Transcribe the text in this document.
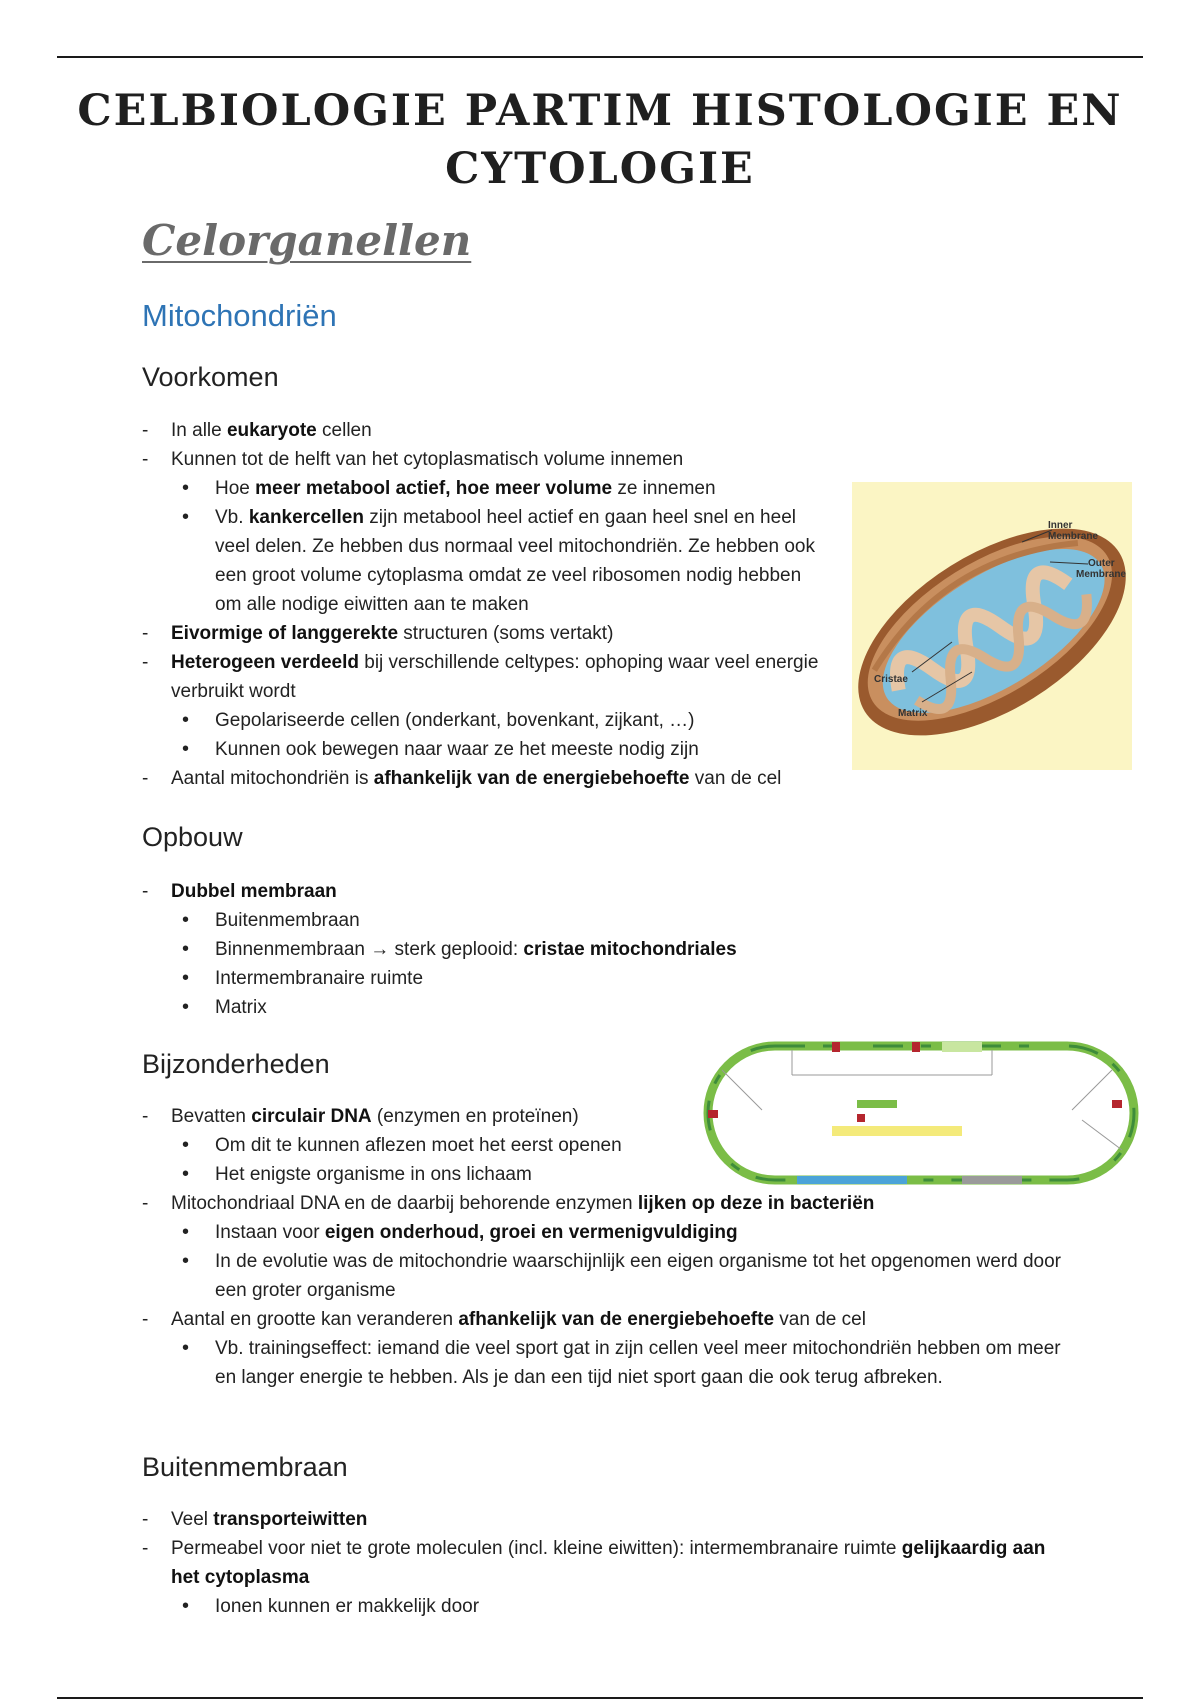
CELBIOLOGIE PARTIM HISTOLOGIE EN CYTOLOGIE
Celorganellen
Mitochondriën
Voorkomen
- In alle eukaryote cellen
- Kunnen tot de helft van het cytoplasmatisch volume innemen
• Hoe meer metabool actief, hoe meer volume ze innemen
• Vb. kankercellen zijn metabool heel actief en gaan heel snel en heel veel delen. Ze hebben dus normaal veel mitochondriën. Ze hebben ook een groot volume cytoplasma omdat ze veel ribosomen nodig hebben om alle nodige eiwitten aan te maken
- Eivormige of langgerekte structuren (soms vertakt)
- Heterogeen verdeeld bij verschillende celtypes: ophoping waar veel energie verbruikt wordt
• Gepolariseerde cellen (onderkant, bovenkant, zijkant, …)
• Kunnen ook bewegen naar waar ze het meeste nodig zijn
- Aantal mitochondriën is afhankelijk van de energiebehoefte van de cel
Inner
Membrane
Outer
Membrane
Cristae
Matrix
Opbouw
- Dubbel membraan
• Buitenmembraan
• Binnenmembraan → sterk geplooid: cristae mitochondriales
• Intermembranaire ruimte
• Matrix
Bijzonderheden
- Bevatten circulair DNA (enzymen en proteïnen)
• Om dit te kunnen aflezen moet het eerst openen
• Het enigste organisme in ons lichaam
- Mitochondriaal DNA en de daarbij behorende enzymen lijken op deze in bacteriën
• Instaan voor eigen onderhoud, groei en vermenigvuldiging
• In de evolutie was de mitochondrie waarschijnlijk een eigen organisme tot het opgenomen werd door een groter organisme
- Aantal en grootte kan veranderen afhankelijk van de energiebehoefte van de cel
• Vb. trainingseffect: iemand die veel sport gat in zijn cellen veel meer mitochondriën hebben om meer en langer energie te hebben. Als je dan een tijd niet sport gaan die ook terug afbreken.
Buitenmembraan
- Veel transporteiwitten
- Permeabel voor niet te grote moleculen (incl. kleine eiwitten): intermembranaire ruimte gelijkaardig aan het cytoplasma
• Ionen kunnen er makkelijk door
